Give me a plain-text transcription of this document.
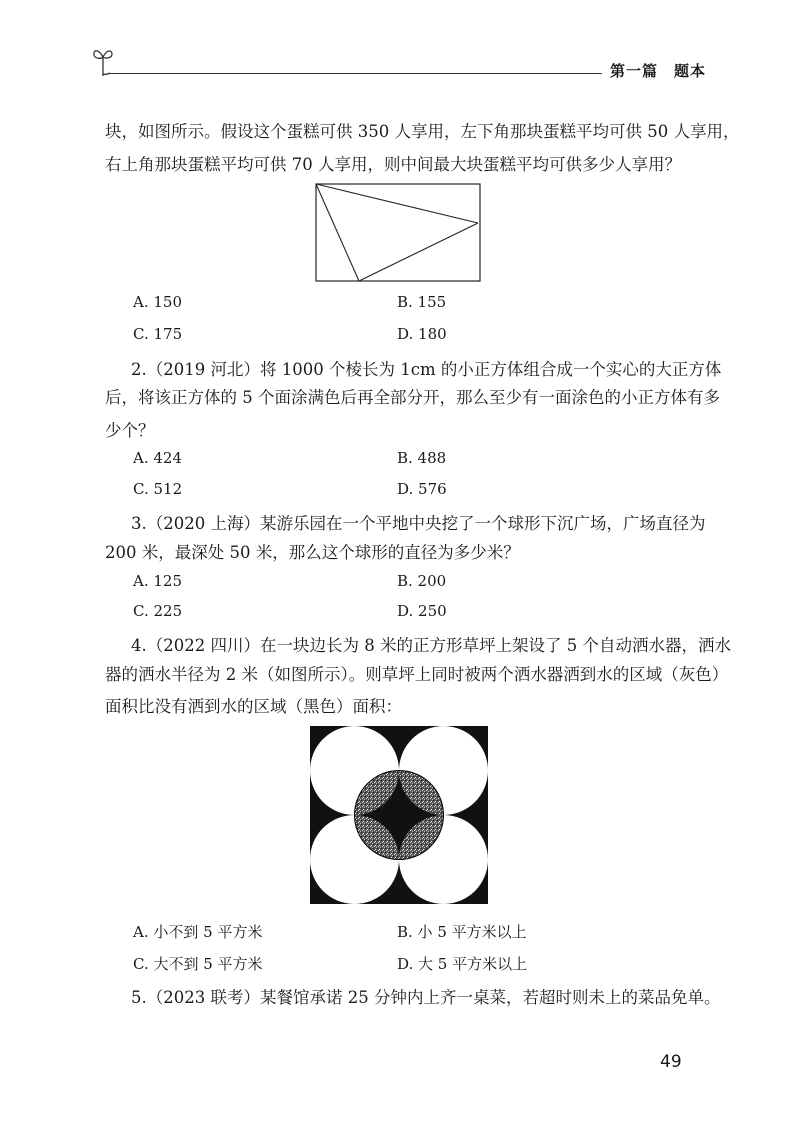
第一篇　题本
块，如图所示。假设这个蛋糕可供 350 人享用，左下角那块蛋糕平均可供 50 人享用，
右上角那块蛋糕平均可供 70 人享用，则中间最大块蛋糕平均可供多少人享用？
A. 150	B. 155
C. 175	D. 180
2.（2019 河北）将 1000 个棱长为 1cm 的小正方体组合成一个实心的大正方体
后，将该正方体的 5 个面涂满色后再全部分开，那么至少有一面涂色的小正方体有多
少个？
A. 424	B. 488
C. 512	D. 576
3.（2020 上海）某游乐园在一个平地中央挖了一个球形下沉广场，广场直径为
200 米，最深处 50 米，那么这个球形的直径为多少米？
A. 125	B. 200
C. 225	D. 250
4.（2022 四川）在一块边长为 8 米的正方形草坪上架设了 5 个自动洒水器，洒水
器的洒水半径为 2 米（如图所示）。则草坪上同时被两个洒水器洒到水的区域（灰色）
面积比没有洒到水的区域（黑色）面积：
A. 小不到 5 平方米	B. 小 5 平方米以上
C. 大不到 5 平方米	D. 大 5 平方米以上
5.（2023 联考）某餐馆承诺 25 分钟内上齐一桌菜，若超时则未上的菜品免单。
49
